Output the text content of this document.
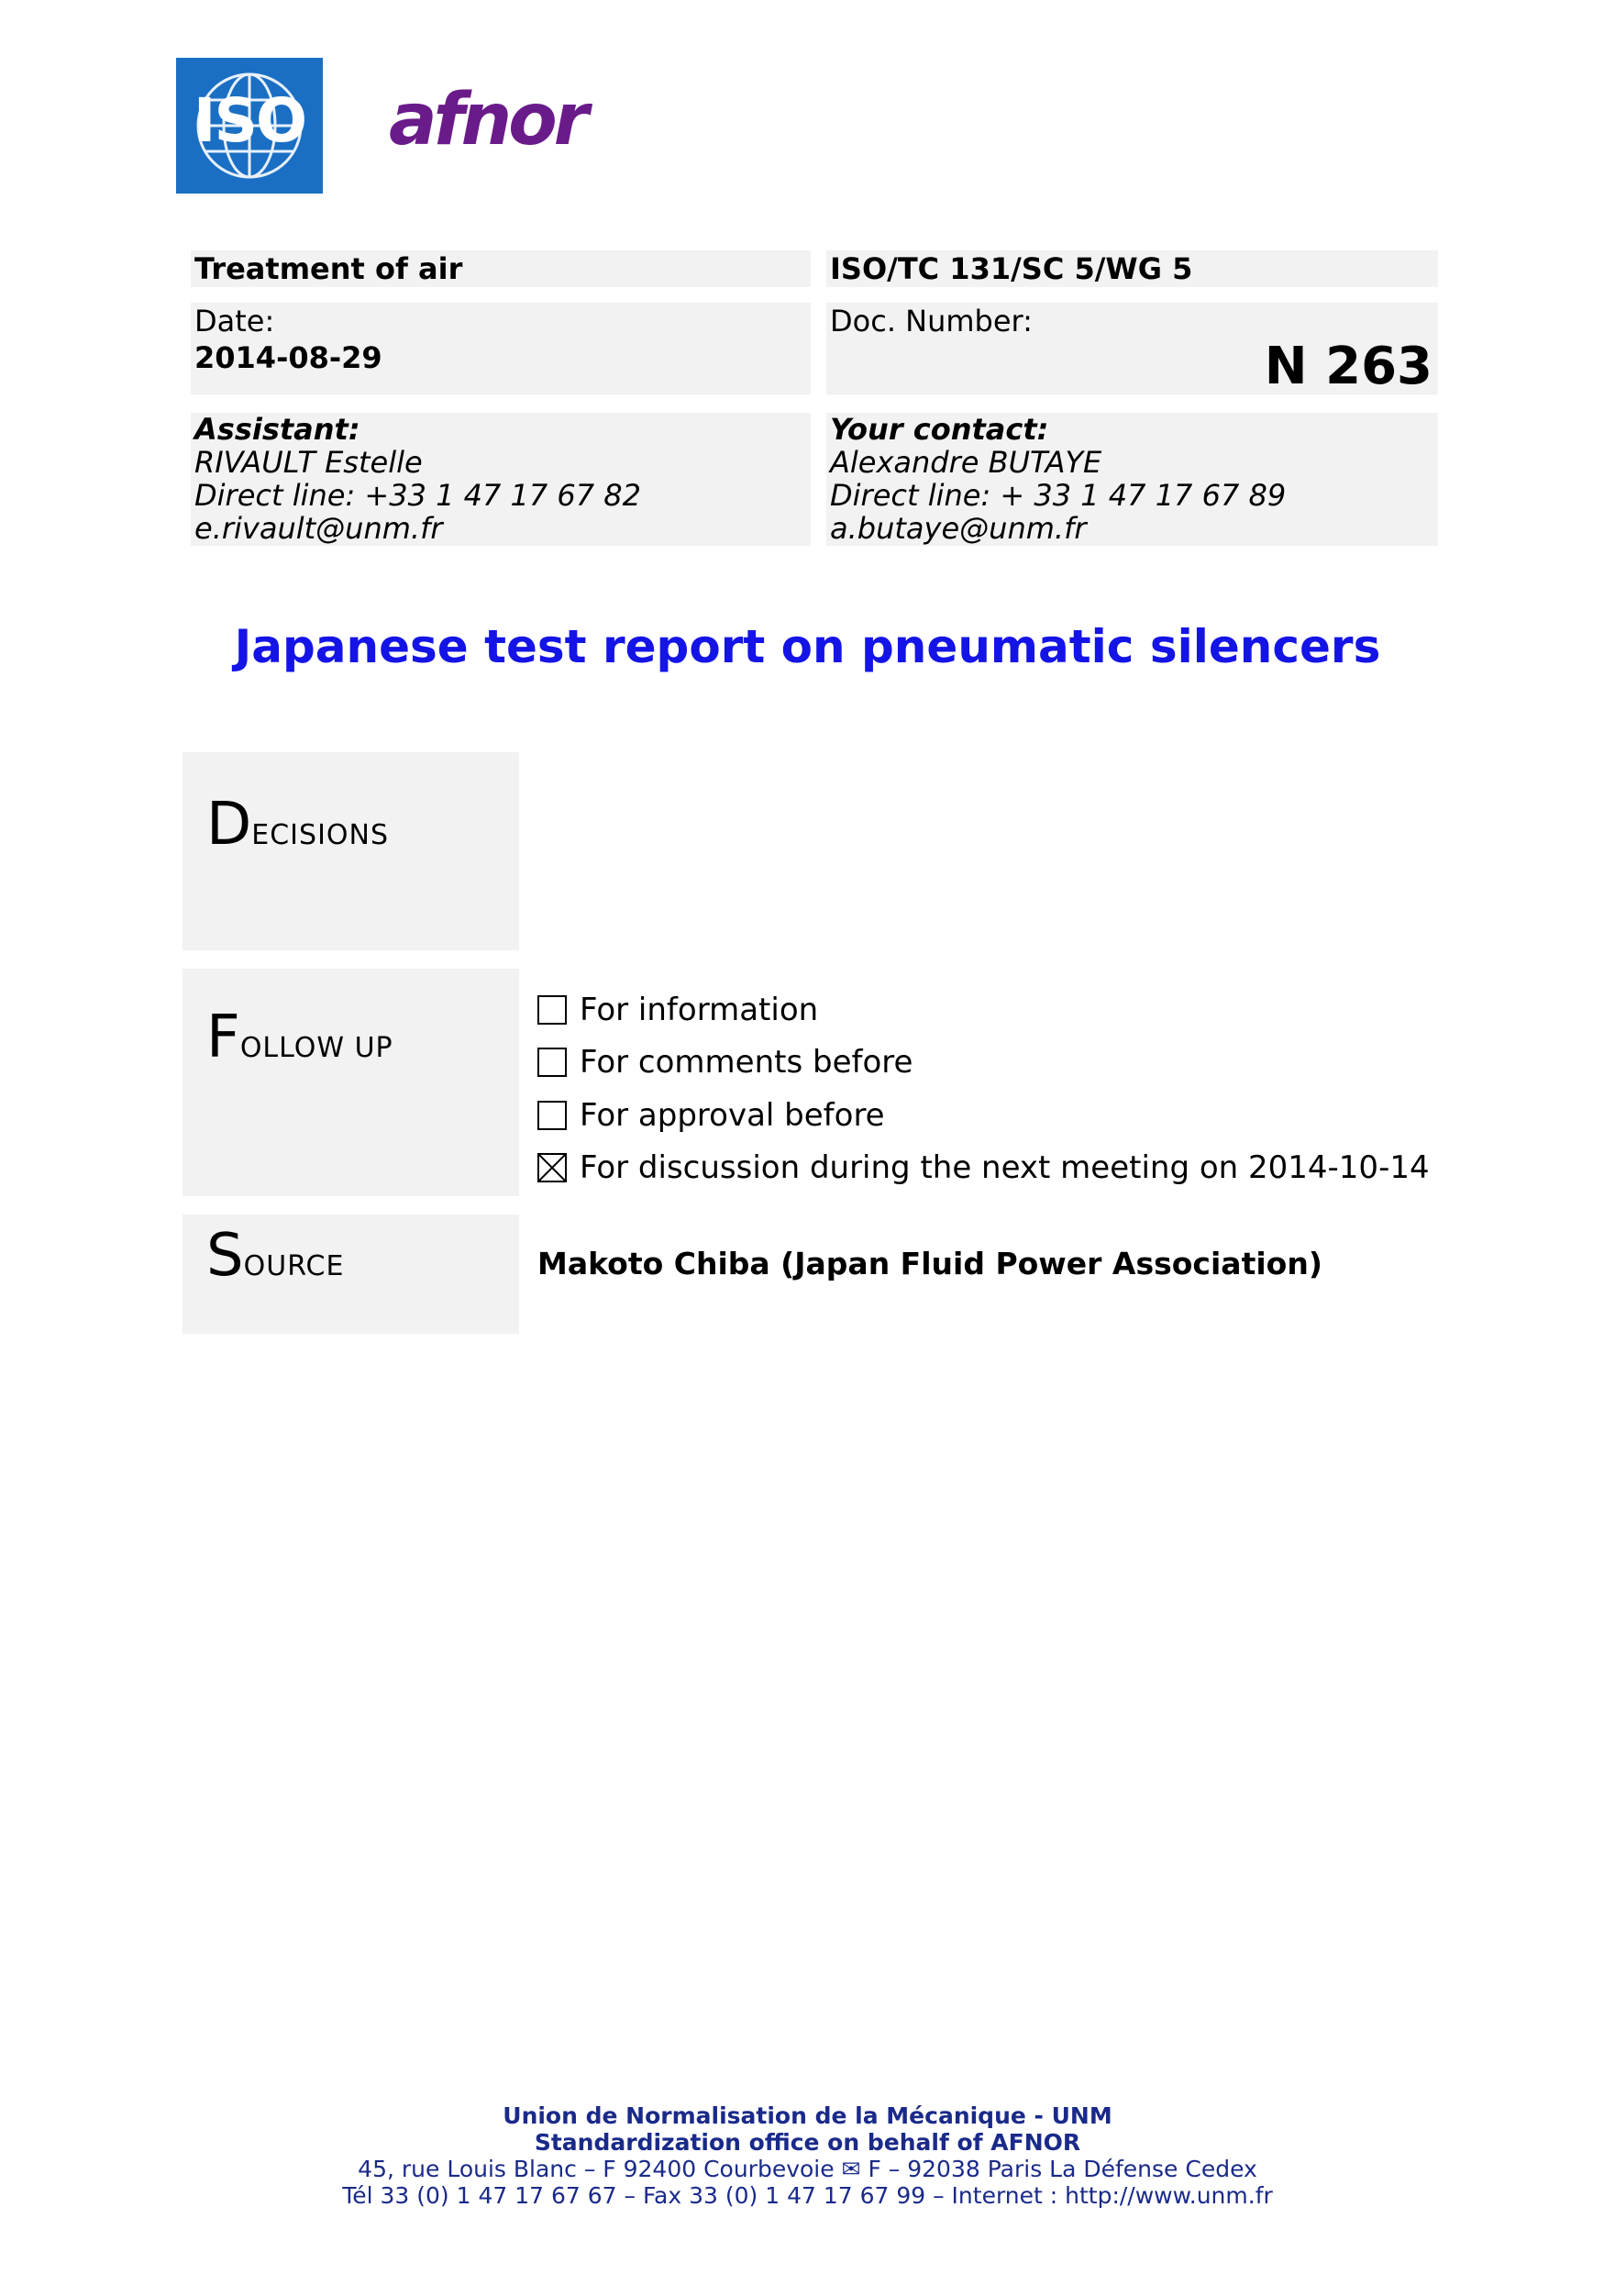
ISO afnor
Treatment of air	ISO/TC 131/SC 5/WG 5
Date:
2014-08-29
Doc. Number:
N 263
Assistant:
RIVAULT Estelle
Direct line: +33 1 47 17 67 82
e.rivault@unm.fr
Your contact:
Alexandre BUTAYE
Direct line: + 33 1 47 17 67 89
a.butaye@unm.fr
Japanese test report on pneumatic silencers
DECISIONS
FOLLOW UP
For information
For comments before
For approval before
For discussion during the next meeting on 2014-10-14
SOURCE	Makoto Chiba (Japan Fluid Power Association)
Union de Normalisation de la Mécanique - UNM
Standardization office on behalf of AFNOR
45, rue Louis Blanc – F 92400 Courbevoie ✉ F – 92038 Paris La Défense Cedex
Tél 33 (0) 1 47 17 67 67 – Fax 33 (0) 1 47 17 67 99 – Internet : http://www.unm.fr
